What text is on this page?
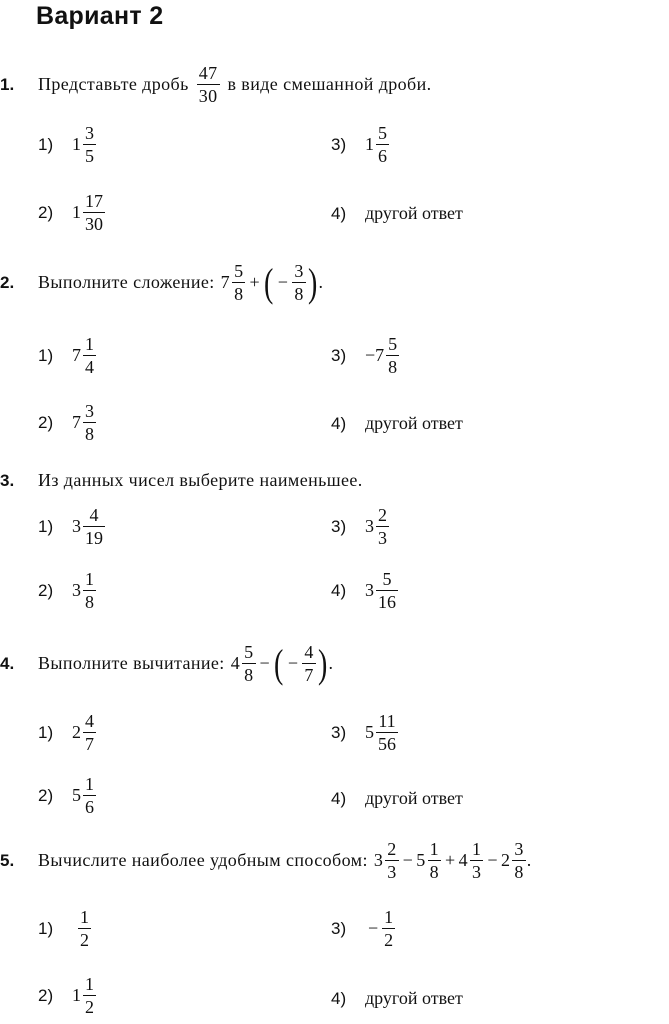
Вариант 2
1.	Представьте дробь $\frac{47}{30}$ в виде смешанной дроби.
1)	$1 \frac{3}{5}$
2)	$1 \frac{17}{30}$
3)	$1 \frac{5}{6}$
4)	другой ответ
2.	Выполните сложение: $7 \frac{5}{8}$ + ( − $\frac{3}{8}$ ) .
1)	$7 \frac{1}{4}$
2)	$7 \frac{3}{8}$
3)	$-7 \frac{5}{8}$
4)	другой ответ
3.	Из данных чисел выберите наименьшее.
1)	$3 \frac{4}{19}$
2)	$3 \frac{1}{8}$
3)	$3 \frac{2}{3}$
4)	$3 \frac{5}{16}$
4.	Выполните вычитание: $4 \frac{5}{8}$ − ( − $\frac{4}{7}$ ) .
1)	$2 \frac{4}{7}$
2)	$5 \frac{1}{6}$
3)	$5 \frac{11}{56}$
4)	другой ответ
5.	Вычислите наиболее удобным способом: $3 \frac{2}{3} - 5 \frac{1}{8} + 4 \frac{1}{3} - 2 \frac{3}{8}$ .
1)	$\frac{1}{2}$
2)	$1 \frac{1}{2}$
3)	− $\frac{1}{2}$
4)	другой ответ
